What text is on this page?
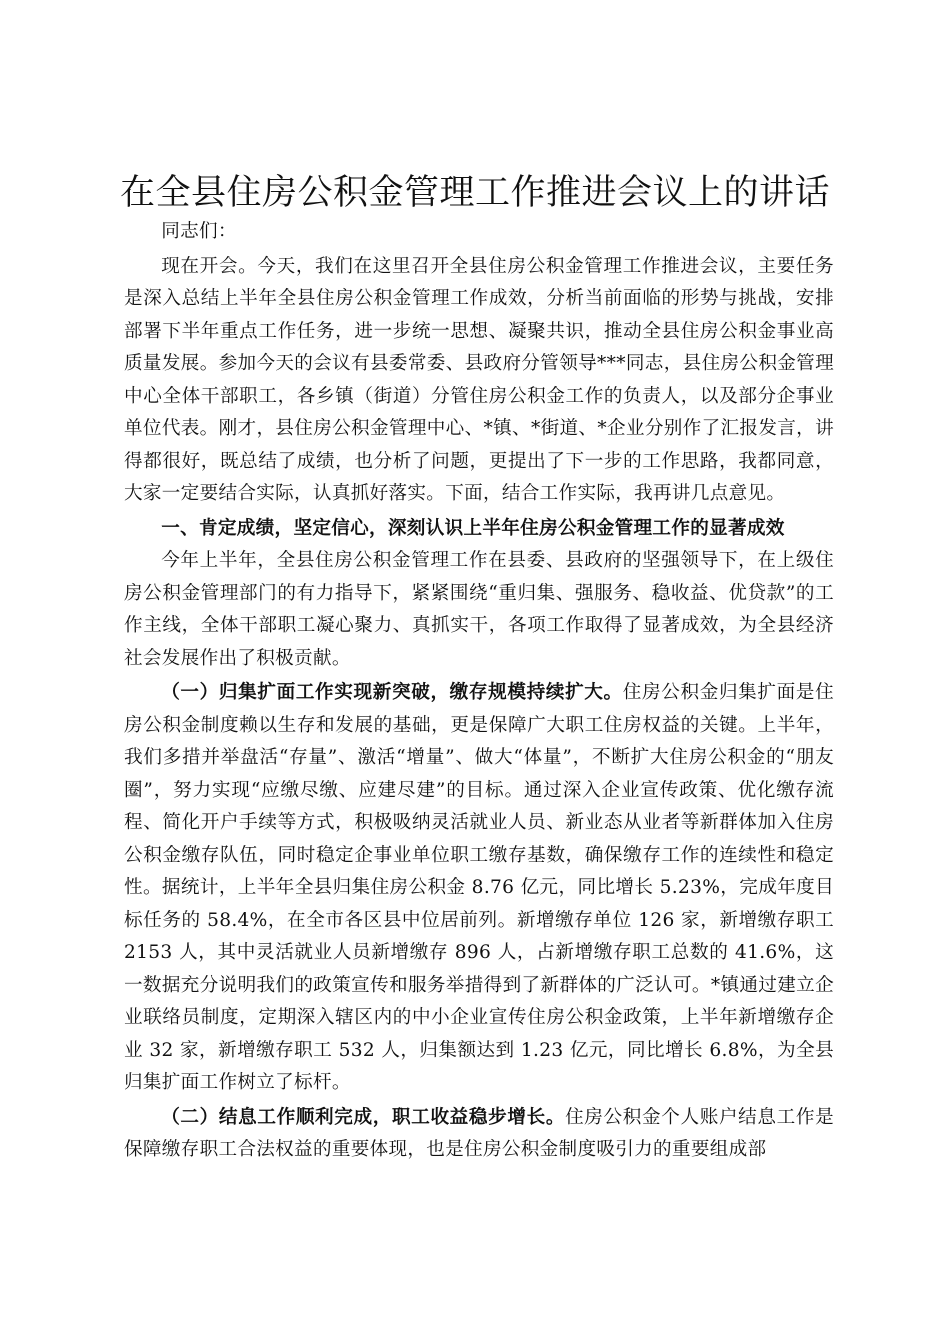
在全县住房公积金管理工作推进会议上的讲话

同志们：

现在开会。今天，我们在这里召开全县住房公积金管理工作推进会议，主要任务是深入总结上半年全县住房公积金管理工作成效，分析当前面临的形势与挑战，安排部署下半年重点工作任务，进一步统一思想、凝聚共识，推动全县住房公积金事业高质量发展。参加今天的会议有县委常委、县政府分管领导***同志，县住房公积金管理中心全体干部职工，各乡镇（街道）分管住房公积金工作的负责人，以及部分企事业单位代表。刚才，县住房公积金管理中心、*镇、*街道、*企业分别作了汇报发言，讲得都很好，既总结了成绩，也分析了问题，更提出了下一步的工作思路，我都同意，大家一定要结合实际，认真抓好落实。下面，结合工作实际，我再讲几点意见。

一、肯定成绩，坚定信心，深刻认识上半年住房公积金管理工作的显著成效

今年上半年，全县住房公积金管理工作在县委、县政府的坚强领导下，在上级住房公积金管理部门的有力指导下，紧紧围绕“重归集、强服务、稳收益、优贷款”的工作主线，全体干部职工凝心聚力、真抓实干，各项工作取得了显著成效，为全县经济社会发展作出了积极贡献。

（一）归集扩面工作实现新突破，缴存规模持续扩大。住房公积金归集扩面是住房公积金制度赖以生存和发展的基础，更是保障广大职工住房权益的关键。上半年，我们多措并举盘活“存量”、激活“增量”、做大“体量”，不断扩大住房公积金的“朋友圈”，努力实现“应缴尽缴、应建尽建”的目标。通过深入企业宣传政策、优化缴存流程、简化开户手续等方式，积极吸纳灵活就业人员、新业态从业者等新群体加入住房公积金缴存队伍，同时稳定企事业单位职工缴存基数，确保缴存工作的连续性和稳定性。据统计，上半年全县归集住房公积金 8.76 亿元，同比增长 5.23%，完成年度目标任务的 58.4%，在全市各区县中位居前列。新增缴存单位 126 家，新增缴存职工 2153 人，其中灵活就业人员新增缴存 896 人，占新增缴存职工总数的 41.6%，这一数据充分说明我们的政策宣传和服务举措得到了新群体的广泛认可。*镇通过建立企业联络员制度，定期深入辖区内的中小企业宣传住房公积金政策，上半年新增缴存企业 32 家，新增缴存职工 532 人，归集额达到 1.23 亿元，同比增长 6.8%，为全县归集扩面工作树立了标杆。

（二）结息工作顺利完成，职工收益稳步增长。住房公积金个人账户结息工作是保障缴存职工合法权益的重要体现，也是住房公积金制度吸引力的重要组成部
